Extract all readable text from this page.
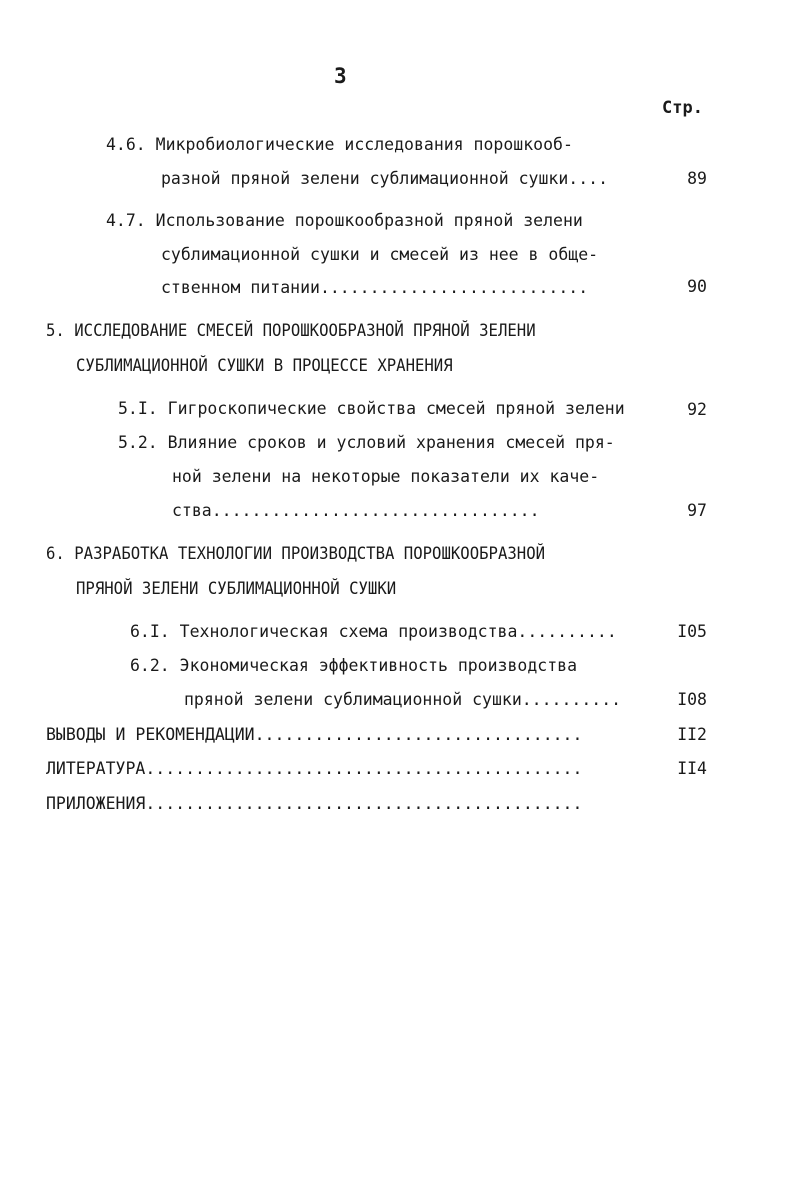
3
Стр.
4.6. Микробиологические исследования порошкооб-
разной пряной зелени сублимационной сушки....	89
4.7. Использование порошкообразной пряной зелени
сублимационной сушки и смесей из нее в обще-
ственном питании...........................	90
5. ИССЛЕДОВАНИЕ СМЕСЕЙ ПОРОШКООБРАЗНОЙ ПРЯНОЙ ЗЕЛЕНИ
СУБЛИМАЦИОННОЙ СУШКИ В ПРОЦЕССЕ ХРАНЕНИЯ
5.I. Гигроскопические свойства смесей пряной зелени	92
5.2. Влияние сроков и условий хранения смесей пря-
ной зелени на некоторые показатели их каче-
ства.................................	97
6. РАЗРАБОТКА ТЕХНОЛОГИИ ПРОИЗВОДСТВА ПОРОШКООБРАЗНОЙ
ПРЯНОЙ ЗЕЛЕНИ СУБЛИМАЦИОННОЙ СУШКИ
6.I. Технологическая схема производства..........	I05
6.2. Экономическая эффективность производства
пряной зелени сублимационной сушки..........	I08
ВЫВОДЫ И РЕКОМЕНДАЦИИ.................................	II2
ЛИТЕРАТУРА............................................	II4
ПРИЛОЖЕНИЯ............................................
